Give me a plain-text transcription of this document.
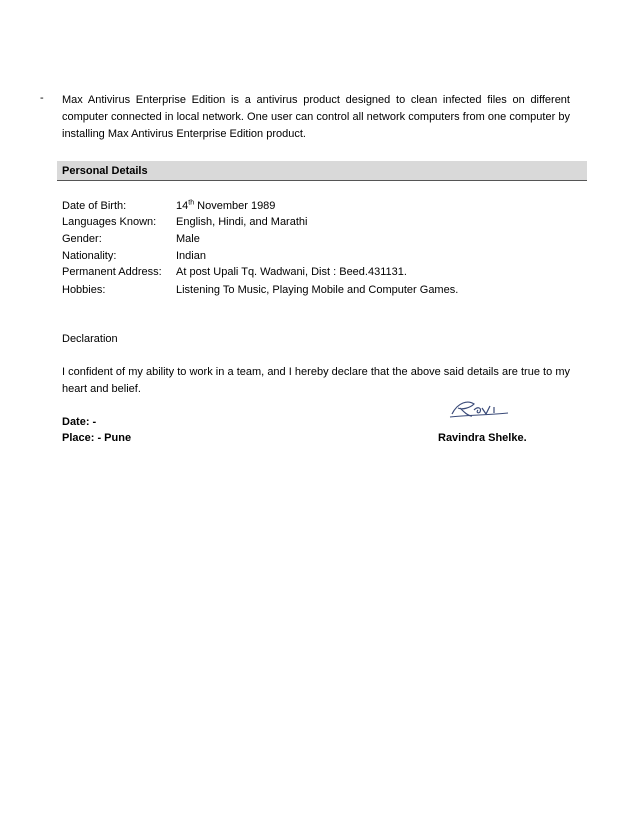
- Max Antivirus Enterprise Edition is a antivirus product designed to clean infected files on different computer connected in local network. One user can control all network computers from one computer by installing Max Antivirus Enterprise Edition product.
Personal Details
Date of Birth:	14th November 1989
Languages Known:	English, Hindi, and Marathi
Gender:	Male
Nationality:	Indian
Permanent Address:	At post Upali Tq. Wadwani, Dist : Beed.431131.
Hobbies:	Listening To Music, Playing Mobile and Computer Games.
Declaration
I confident of my ability to work in a team, and I hereby declare that the above said details are true to my heart and belief.
Date: -
Place: - Pune	Ravindra Shelke.
